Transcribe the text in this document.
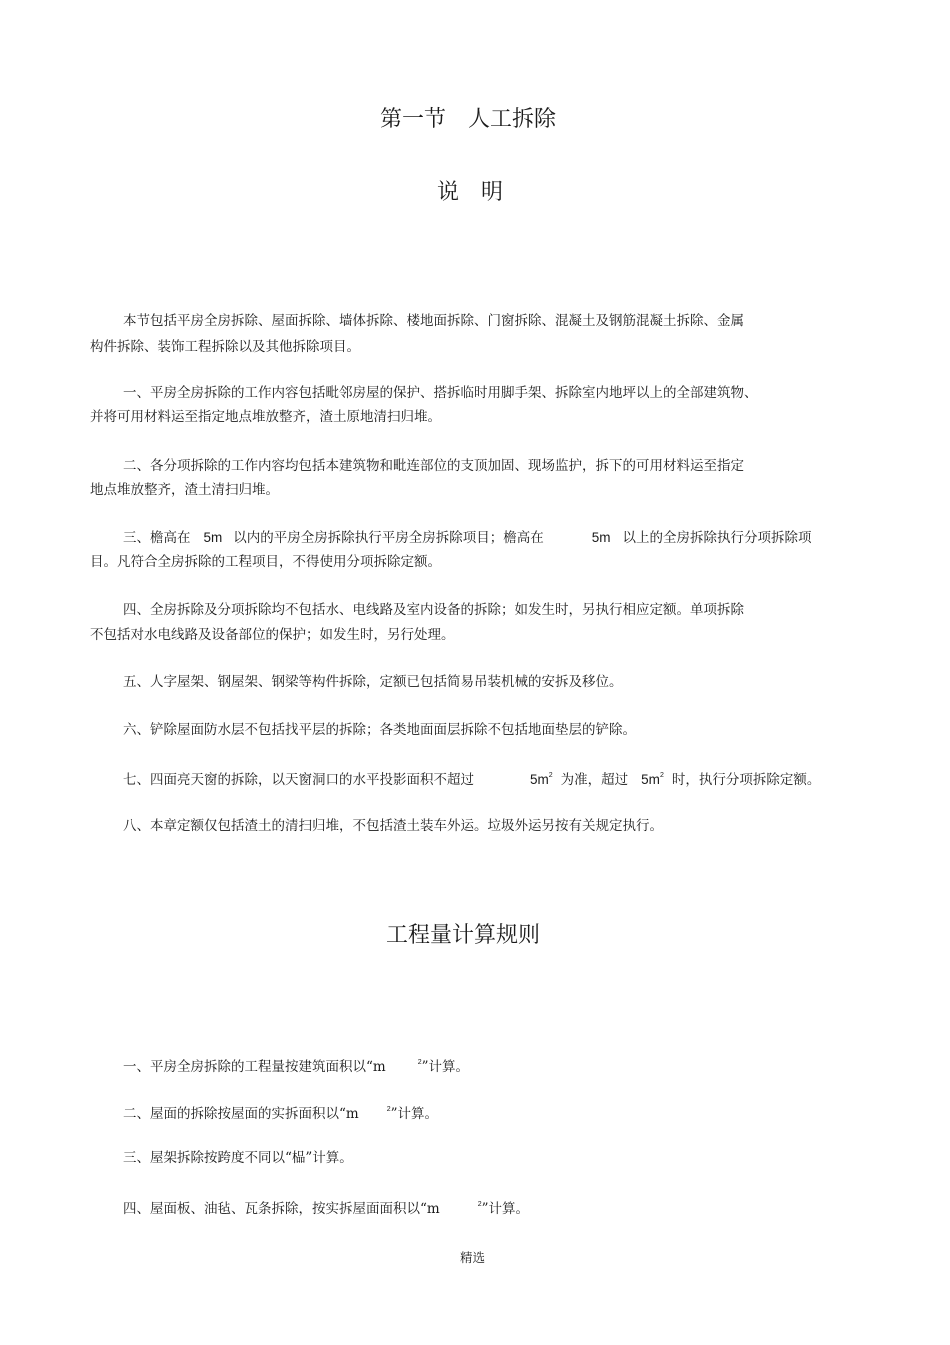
第一节　人工拆除
说　明
本节包括平房全房拆除、屋面拆除、墙体拆除、楼地面拆除、门窗拆除、混凝土及钢筋混凝土拆除、金属
构件拆除、装饰工程拆除以及其他拆除项目。
一、平房全房拆除的工作内容包括毗邻房屋的保护、搭拆临时用脚手架、拆除室内地坪以上的全部建筑物、
并将可用材料运至指定地点堆放整齐，渣土原地清扫归堆。
二、各分项拆除的工作内容均包括本建筑物和毗连部位的支顶加固、现场监护，拆下的可用材料运至指定
地点堆放整齐，渣土清扫归堆。
三、檐高在 5m 以内的平房全房拆除执行平房全房拆除项目；檐高在	5m 以上的全房拆除执行分项拆除项
目。凡符合全房拆除的工程项目，不得使用分项拆除定额。
四、全房拆除及分项拆除均不包括水、电线路及室内设备的拆除；如发生时，另执行相应定额。单项拆除
不包括对水电线路及设备部位的保护；如发生时，另行处理。
五、人字屋架、钢屋架、钢梁等构件拆除，定额已包括简易吊装机械的安拆及移位。
六、铲除屋面防水层不包括找平层的拆除；各类地面面层拆除不包括地面垫层的铲除。
七、四面亮天窗的拆除，以天窗洞口的水平投影面积不超过	$5m^2$ 为准，超过 $5m^2$ 时，执行分项拆除定额。
八、本章定额仅包括渣土的清扫归堆，不包括渣土装车外运。垃圾外运另按有关规定执行。
工程量计算规则
一、平房全房拆除的工程量按建筑面积以“m	$^2$”计算。
二、屋面的拆除按屋面的实拆面积以“m	$^2$”计算。
三、屋架拆除按跨度不同以“榀”计算。
四、屋面板、油毡、瓦条拆除，按实拆屋面面积以“m	$^2$”计算。
精选
